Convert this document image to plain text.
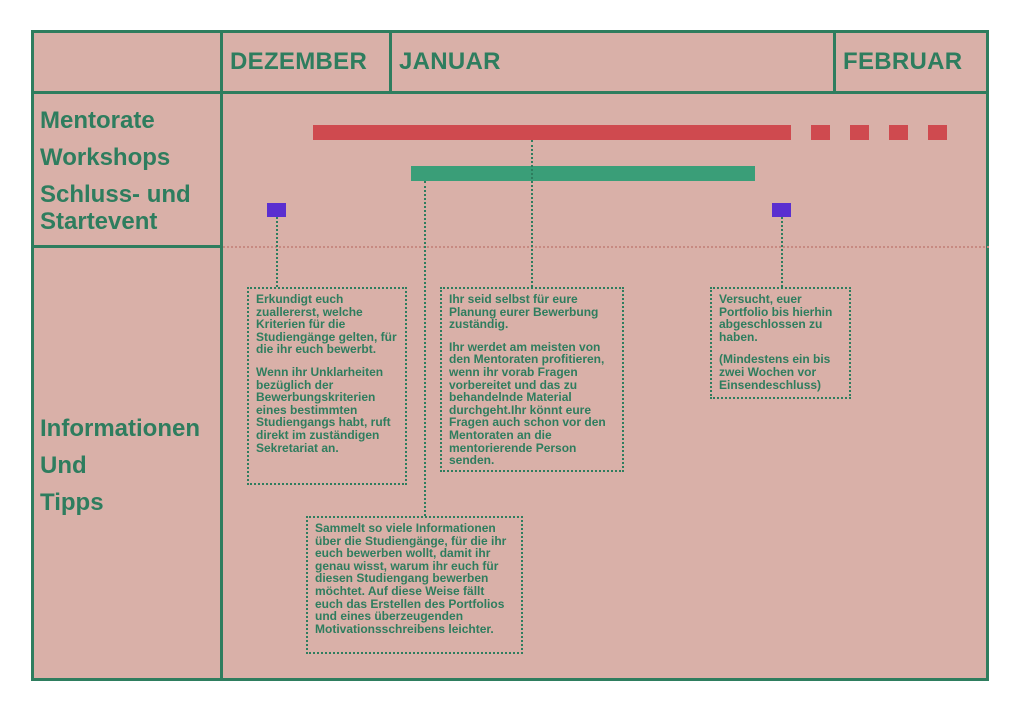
DEZEMBER JANUAR	FEBRUAR
Mentorate
Workshops
Schluss- und
Startevent
Informationen
Und
Tipps

Erkundigt euch zuallererst, welche Kriterien für die Studiengänge gelten, für die ihr euch bewerbt.

Wenn ihr Unklarheiten bezüglich der Bewerbungskriterien eines bestimmten Studiengangs habt, ruft direkt im zuständigen Sekretariat an.

Ihr seid selbst für eure Planung eurer Bewerbung zuständig.

Ihr werdet am meisten von den Mentoraten profitieren, wenn ihr vorab Fragen vorbereitet und das zu behandelnde Material durchgeht.Ihr könnt eure Fragen auch schon vor den Mentoraten an die mentorierende Person senden.

Versucht, euer Portfolio bis hierhin abgeschlossen zu haben.

(Mindestens ein bis zwei Wochen vor Einsendeschluss)

Sammelt so viele Informationen über die Studiengänge, für die ihr euch bewerben wollt, damit ihr genau wisst, warum ihr euch für diesen Studiengang bewerben möchtet. Auf diese Weise fällt euch das Erstellen des Portfolios und eines überzeugenden Motivationsschreibens leichter.
